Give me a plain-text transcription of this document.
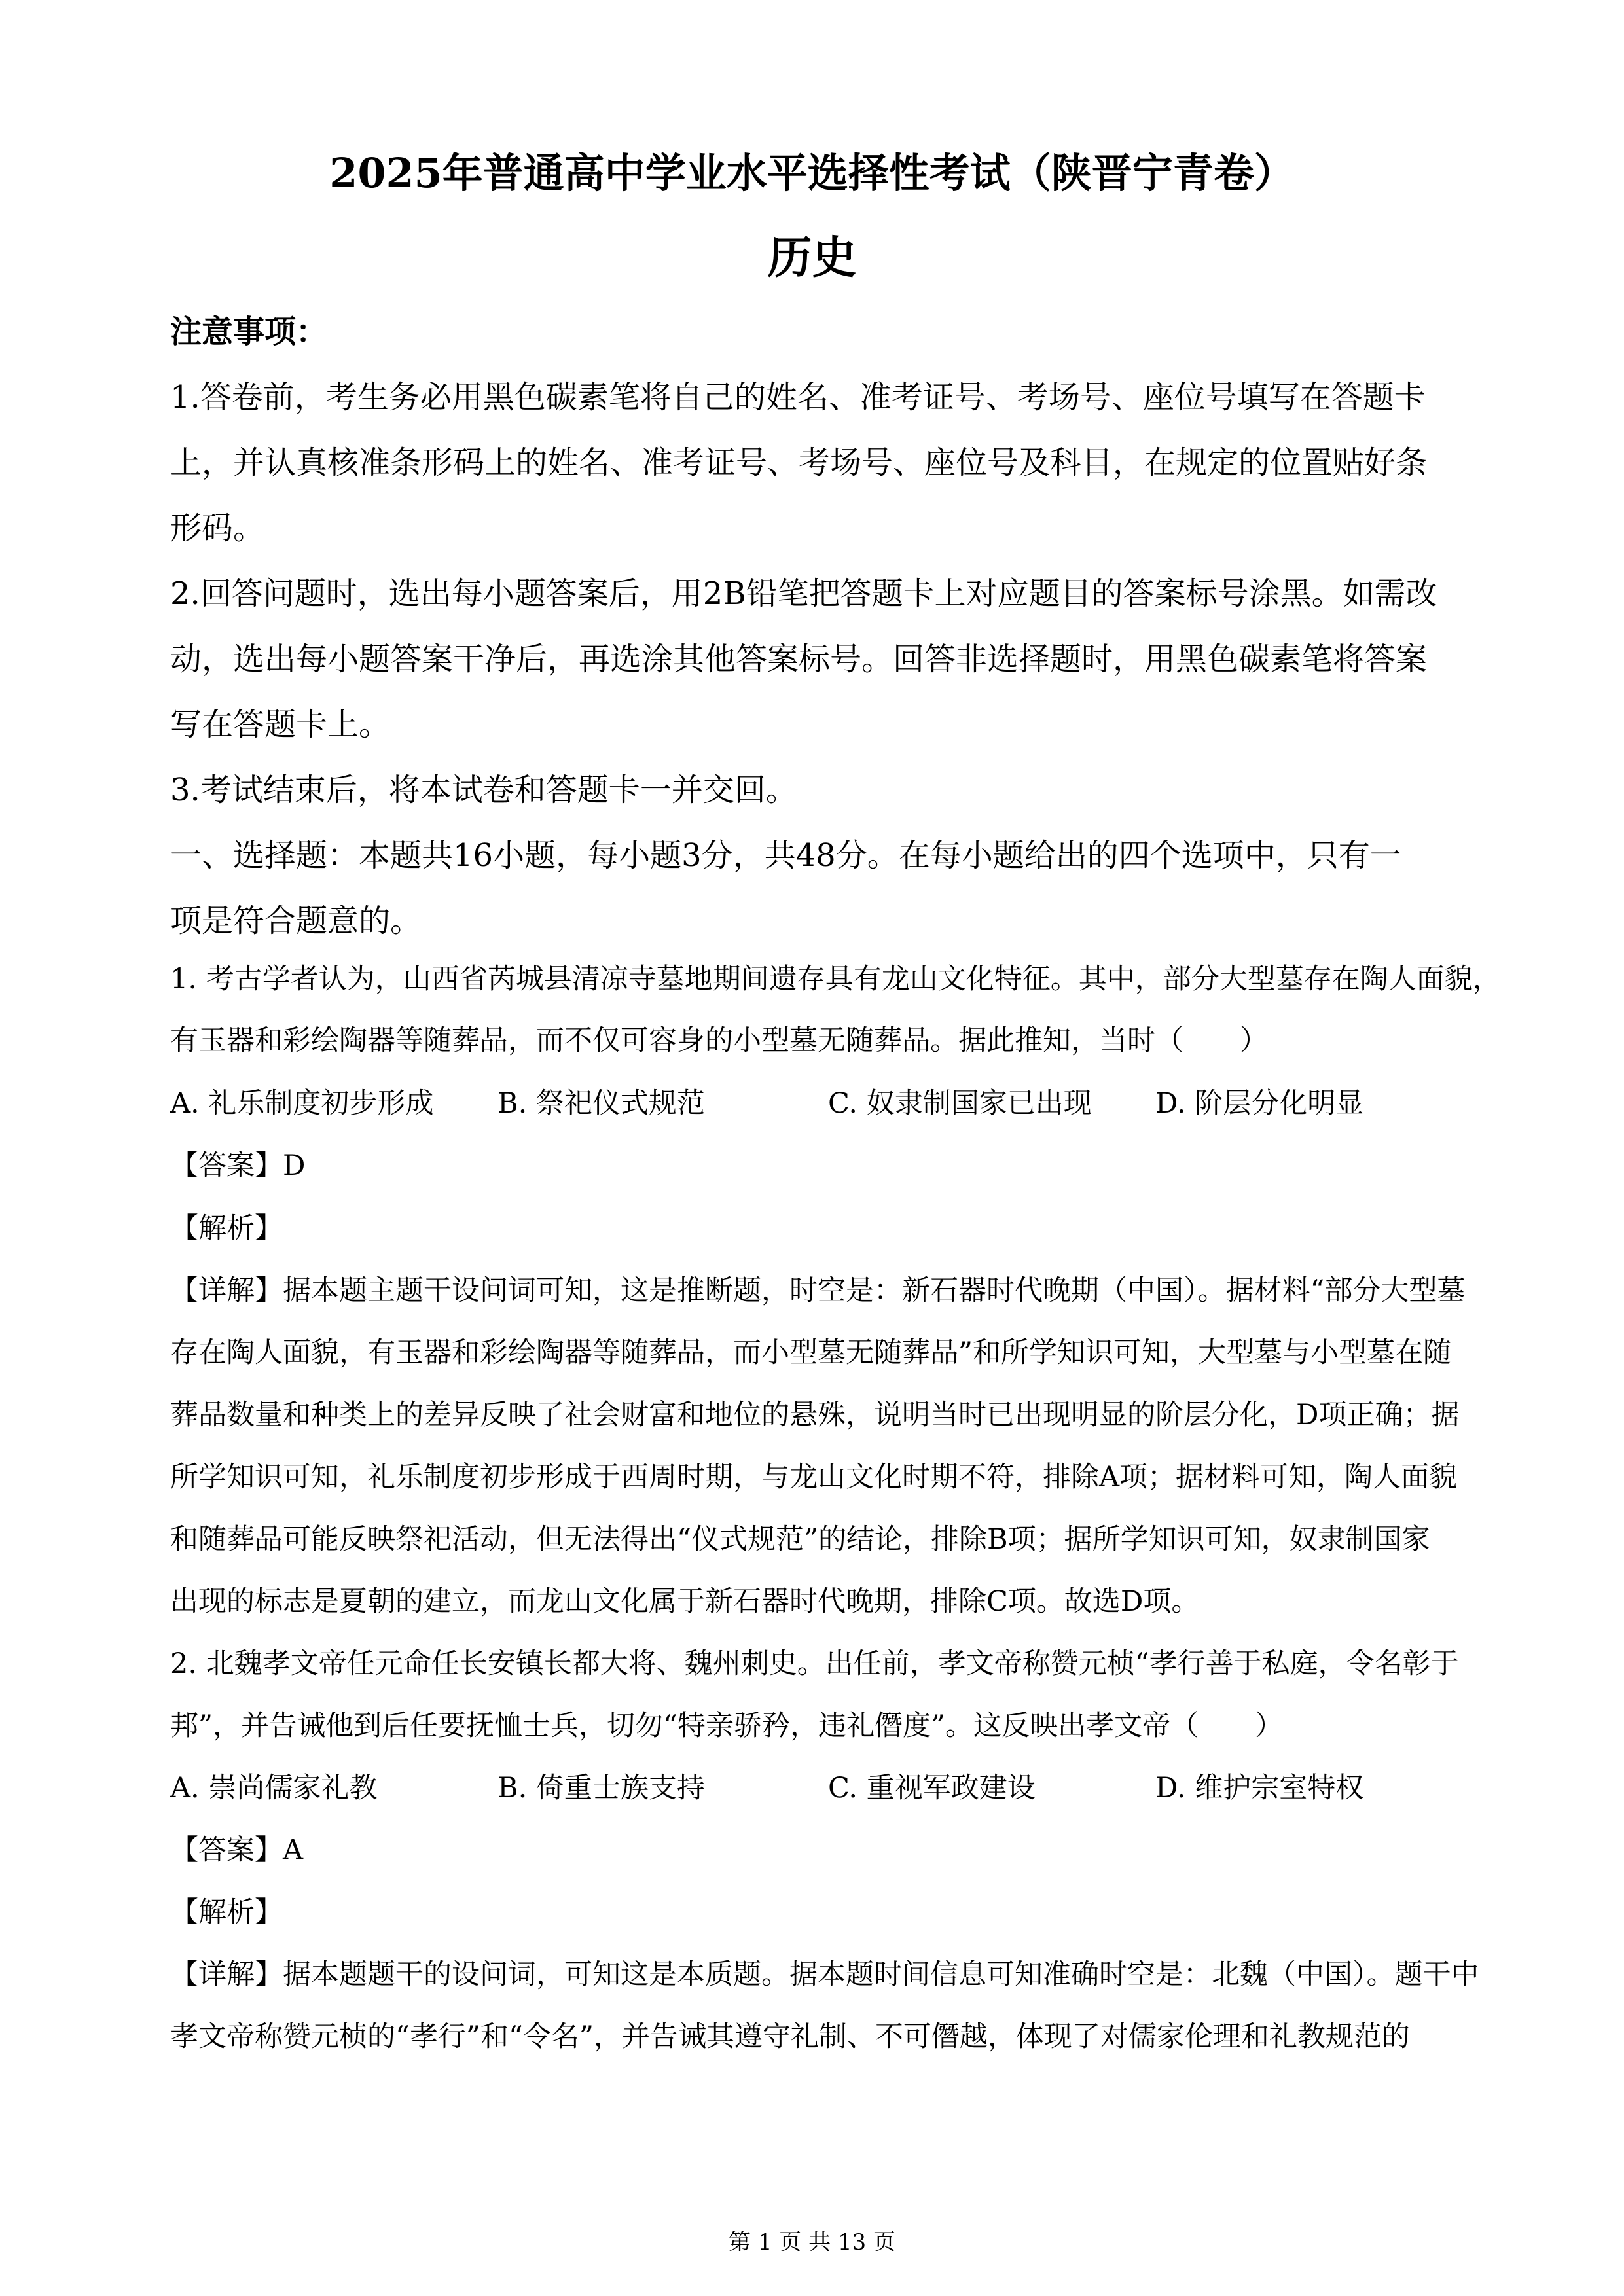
2025年普通高中学业水平选择性考试（陕晋宁青卷）
历史
注意事项：
1.答卷前，考生务必用黑色碳素笔将自己的姓名、准考证号、考场号、座位号填写在答题卡
上，并认真核准条形码上的姓名、准考证号、考场号、座位号及科目，在规定的位置贴好条
形码。
2.回答问题时，选出每小题答案后，用2B铅笔把答题卡上对应题目的答案标号涂黑。如需改
动，选出每小题答案干净后，再选涂其他答案标号。回答非选择题时，用黑色碳素笔将答案
写在答题卡上。
3.考试结束后，将本试卷和答题卡一并交回。
一、选择题：本题共16小题，每小题3分，共48分。在每小题给出的四个选项中，只有一
项是符合题意的。
1. 考古学者认为，山西省芮城县清凉寺墓地期间遗存具有龙山文化特征。其中，部分大型墓存在陶人面貌，
有玉器和彩绘陶器等随葬品，而不仅可容身的小型墓无随葬品。据此推知，当时（　　）
A. 礼乐制度初步形成 B. 祭祀仪式规范	C. 奴隶制国家已出现 D. 阶层分化明显
【答案】D
【解析】
【详解】据本题主题干设问词可知，这是推断题，时空是：新石器时代晚期（中国）。据材料“部分大型墓
存在陶人面貌，有玉器和彩绘陶器等随葬品，而小型墓无随葬品”和所学知识可知，大型墓与小型墓在随
葬品数量和种类上的差异反映了社会财富和地位的悬殊，说明当时已出现明显的阶层分化，D项正确；据
所学知识可知，礼乐制度初步形成于西周时期，与龙山文化时期不符，排除A项；据材料可知，陶人面貌
和随葬品可能反映祭祀活动，但无法得出“仪式规范”的结论，排除B项；据所学知识可知，奴隶制国家
出现的标志是夏朝的建立，而龙山文化属于新石器时代晚期，排除C项。故选D项。
2. 北魏孝文帝任元命任长安镇长都大将、魏州刺史。出任前，孝文帝称赞元桢“孝行善于私庭，令名彰于
邦”，并告诫他到后任要抚恤士兵，切勿“特亲骄矜，违礼僭度”。这反映出孝文帝（　　）
A. 崇尚儒家礼教	B. 倚重士族支持	C. 重视军政建设	D. 维护宗室特权
【答案】A
【解析】
【详解】据本题题干的设问词，可知这是本质题。据本题时间信息可知准确时空是：北魏（中国）。题干中
孝文帝称赞元桢的“孝行”和“令名”，并告诫其遵守礼制、不可僭越，体现了对儒家伦理和礼教规范的
第 1 页 共 13 页
